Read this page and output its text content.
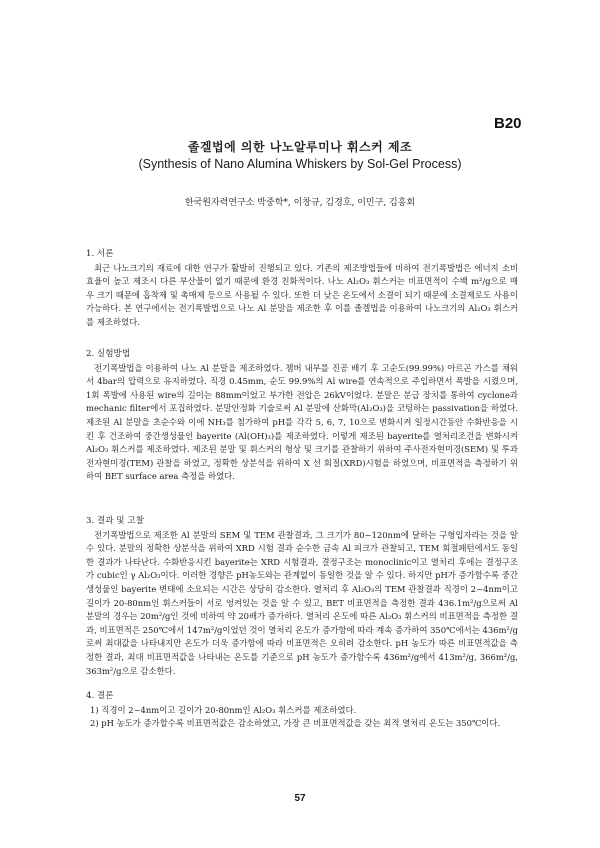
B20
졸겔법에 의한 나노알루미나 휘스커 제조
(Synthesis of Nano Alumina Whiskers by Sol-Gel Process)
한국원자력연구소 박중학*, 이창규, 김경호, 이민구, 김흥회
1. 서론

최근 나노크기의 재료에 대한 연구가 활발히 진행되고 있다. 기존의 제조방법들에 비하여 전기폭발법은 에너지 소비효율이 높고 제조시 다른 부산물이 없기 때문에 환경 친화적이다. 나노 Al₂O₃ 휘스커는 비표면적이 수백 m²/g으로 매우 크기 때문에 흡착제 및 촉매제 등으로 사용될 수 있다. 또한 더 낮은 온도에서 소결이 되기 때문에 소결제로도 사용이 가능하다. 본 연구에서는 전기폭발법으로 나노 Al 분말을 제조한 후 이를 졸겔법을 이용하여 나노크기의 Al₂O₃ 휘스커를 제조하였다.

2. 실험방법

전기폭발법을 이용하여 나노 Al 분말을 제조하였다. 챔버 내부를 진공 배기 후 고순도(99.99%) 아르곤 가스를 채워서 4bar의 압력으로 유지하였다. 직경 0.45mm, 순도 99.9%의 Al wire를 연속적으로 주입하면서 폭발을 시켰으며, 1회 폭발에 사용된 wire의 길이는 88mm이었고 부가한 전압은 26kV이었다. 분말은 분급 장치를 통하여 cyclone과 mechanic filter에서 포집하였다. 분말안정화 기술로써 Al 분말에 산화막(Al₂O₃)을 코팅하는 passivation을 하였다. 제조된 Al 분말을 초순수와 이에 NH₃를 첨가하여 pH를 각각 5, 6, 7, 10으로 변화시켜 일정시간동안 수화반응을 시킨 후 건조하여 중간생성물인 bayerite (Al(OH)₃)를 제조하였다. 이렇게 제조된 bayerite를 열처리조건을 변화시켜 Al₂O₃ 휘스커를 제조하였다. 제조된 분말 및 휘스커의 형상 및 크기를 관찰하기 위하여 주사전자현미경(SEM) 및 투과전자현미경(TEM) 관찰을 하였고, 정확한 상분석을 위하여 X 선 회절(XRD)시험을 하였으며, 비표면적을 측정하기 위하여 BET surface area 측정을 하였다.

3. 결과 및 고찰

전기폭발법으로 제조한 Al 분말의 SEM 및 TEM 관찰결과, 그 크기가 80~120nm에 달하는 구형입자라는 것을 알 수 있다. 분말의 정확한 상분석을 위하여 XRD 시험 결과 순수한 금속 Al 피크가 관찰되고, TEM 회절패턴에서도 동일한 결과가 나타난다. 수화반응시킨 bayerite는 XRD 시험결과, 결정구조는 monoclinic이고 열처리 후에는 결정구조가 cubic인 γ Al₂O₃이다. 이러한 경향은 pH농도와는 관계없이 동일한 것을 알 수 있다. 하지만 pH가 증가함수록 중간생성물인 bayerite 변태에 소요되는 시간은 상당히 감소한다. 열처리 후 Al₂O₃의 TEM 관찰결과 직경이 2~4nm이고 길이가 20-80nm인 휘스커들이 서로 엉켜있는 것을 알 수 있고, BET 비표면적을 측정한 결과 436.1m²/g으로써 Al 분말의 경우는 20m²/g인 것에 비하여 약 20배가 증가하다. 열처리 온도에 따른 Al₂O₃ 휘스커의 비표면적을 측정한 결과, 비표면적은 250℃에서 147m²/g이었던 것이 열처리 온도가 증가함에 따라 계속 증가하여 350℃에서는 436m²/g로써 최대값을 나타내지만 온도가 더욱 증가함에 따라 비표면적은 오히려 감소한다. pH 농도가 따른 비표면적값을 측정한 결과, 최대 비표면적값을 나타내는 온도를 기준으로 pH 농도가 증가함수록 436m²/g에서 413m²/g, 366m²/g, 363m²/g으로 감소한다.

4. 결론
1) 직경이 2~4nm이고 길이가 20-80nm인 Al₂O₃ 휘스커를 제조하였다.
2) pH 농도가 증가할수록 비표면적값은 감소하였고, 가장 큰 비표면적값을 갖는 최적 열처리 온도는 350℃이다.
57
